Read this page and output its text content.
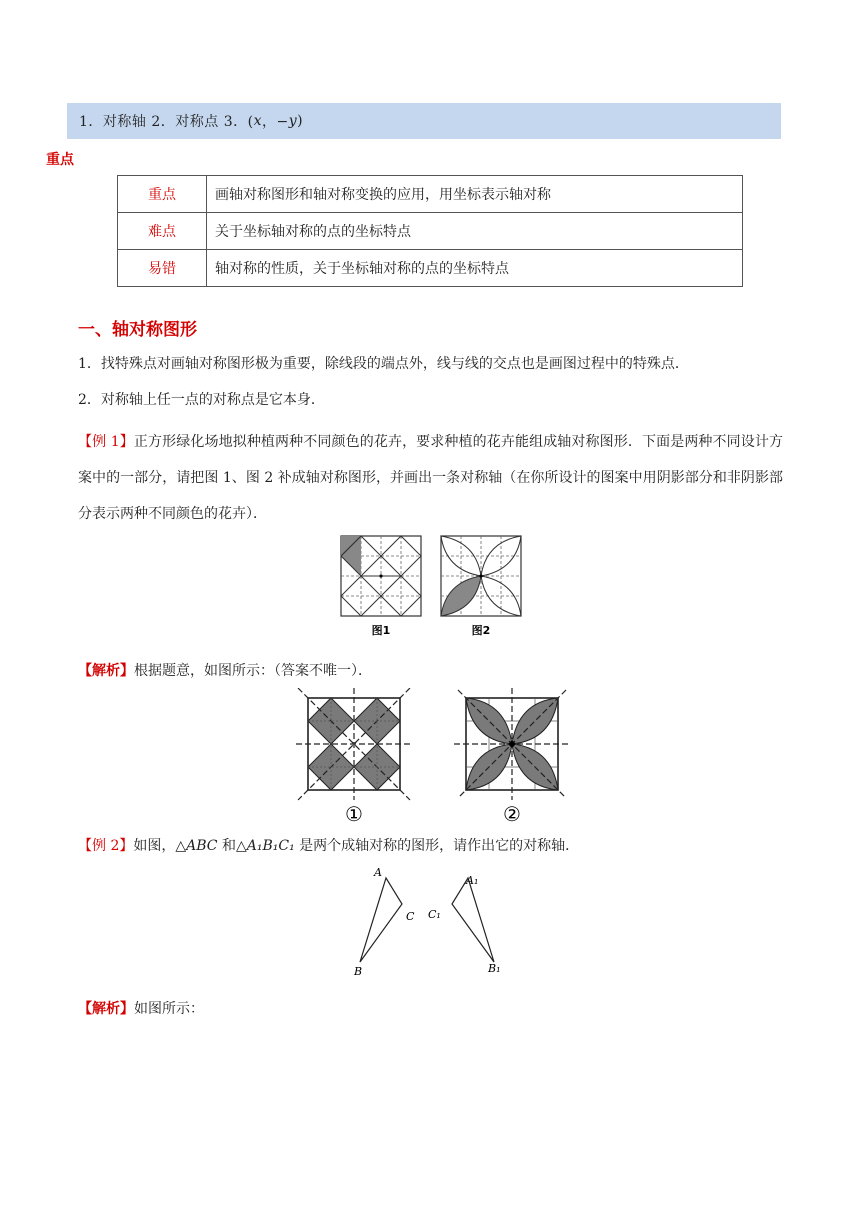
1．对称轴 2．对称点 3．( x ，− y )
重点
重点	画轴对称图形和轴对称变换的应用，用坐标表示轴对称
难点	关于坐标轴对称的点的坐标特点
易错	轴对称的性质，关于坐标轴对称的点的坐标特点
一、轴对称图形
1．找特殊点对画轴对称图形极为重要，除线段的端点外，线与线的交点也是画图过程中的特殊点．
2．对称轴上任一点的对称点是它本身．
【例 1】正方形绿化场地拟种植两种不同颜色的花卉，要求种植的花卉能组成轴对称图形．下面是两种不同设计方案中的一部分，请把图 1、图 2 补成轴对称图形，并画出一条对称轴（在你所设计的图案中用阴影部分和非阴影部分表示两种不同颜色的花卉）．
图1	图2
【解析】根据题意，如图所示：（答案不唯一）．
①	②
【例 2】如图，△ABC 和△A₁B₁C₁ 是两个成轴对称的图形，请作出它的对称轴．
A
B
C
A₁
B₁
C₁
【解析】如图所示：
